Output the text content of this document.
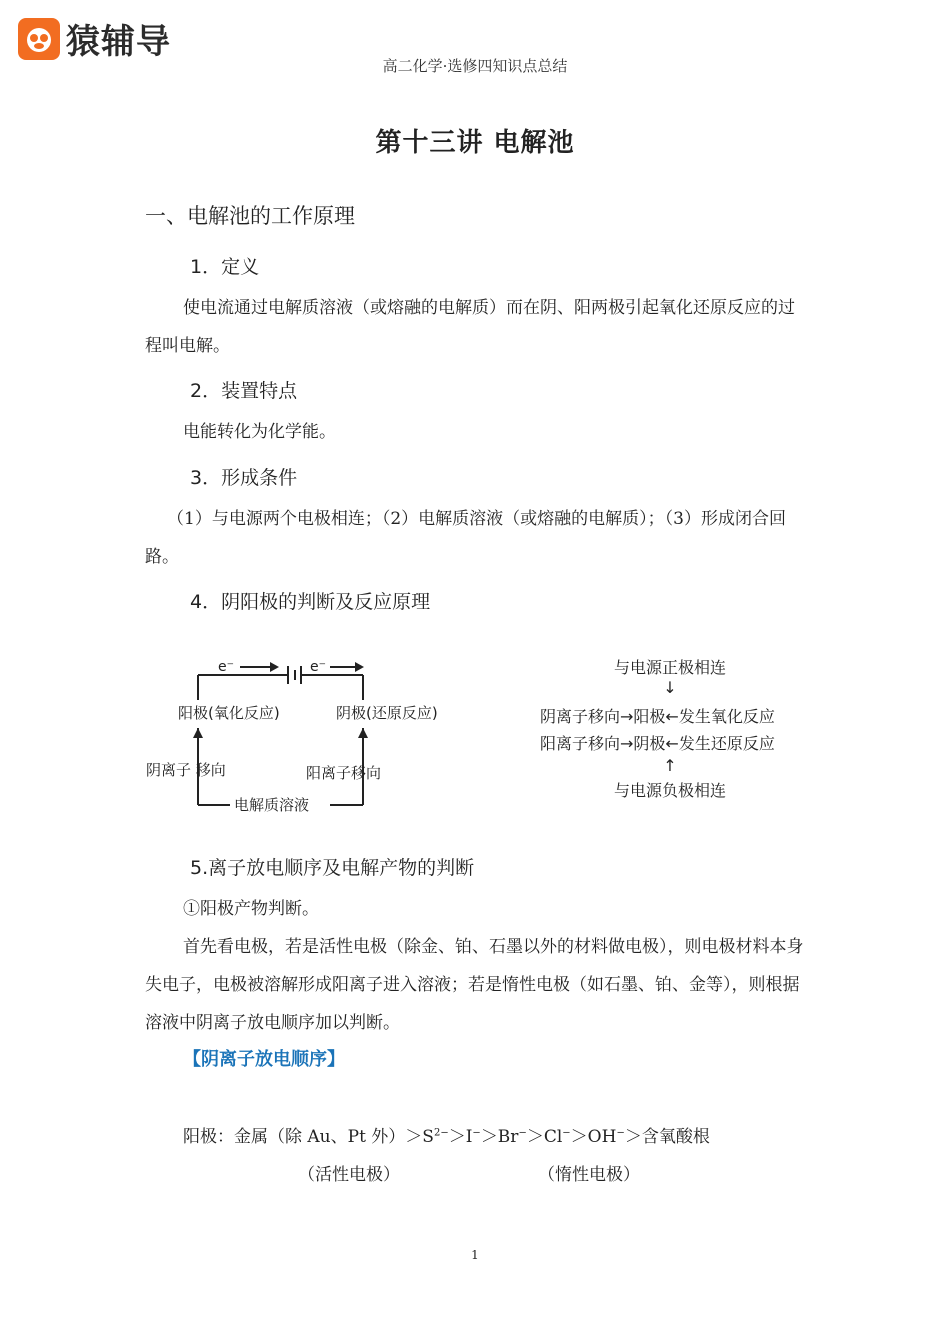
猿辅导
高二化学·选修四知识点总结
第十三讲 电解池
一、电解池的工作原理
1．定义
使电流通过电解质溶液（或熔融的电解质）而在阴、阳两极引起氧化还原反应的过程叫电解。
2．装置特点
电能转化为化学能。
3．形成条件
（1）与电源两个电极相连；（2）电解质溶液（或熔融的电解质）；（3）形成闭合回路。
4．阴阳极的判断及反应原理
e⁻	e⁻
阳极(氧化反应)	阴极(还原反应)
阴离子 移向	阳离子移向
电解质溶液
与电源正极相连
↓
阴离子移向→阳极←发生氧化反应
阳离子移向→阴极←发生还原反应
↑
与电源负极相连
5.离子放电顺序及电解产物的判断
①阳极产物判断。
首先看电极，若是活性电极（除金、铂、石墨以外的材料做电极），则电极材料本身失电子，电极被溶解形成阳离子进入溶液；若是惰性电极（如石墨、铂、金等），则根据溶液中阴离子放电顺序加以判断。
【阴离子放电顺序】
阳极：金属（除 Au、Pt 外）$>S^{2-}>I^->Br^->Cl^->OH^->$含氧酸根
（活性电极）	（惰性电极）
1
